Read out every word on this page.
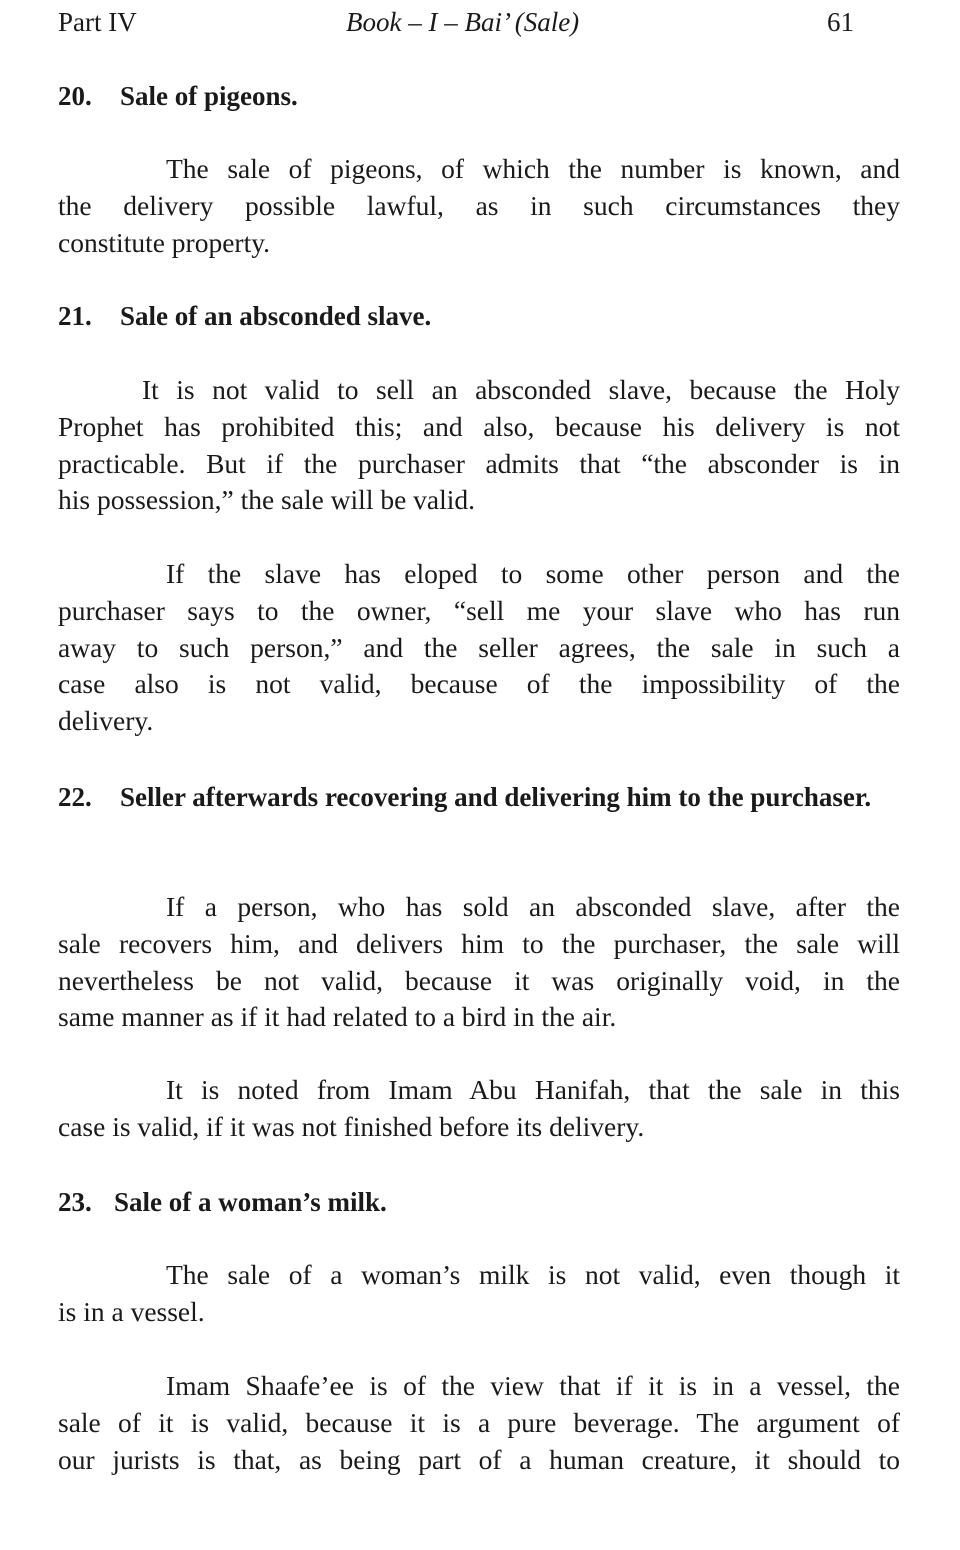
Part IV	Book – I – Bai’ (Sale)	61
20. Sale of pigeons.
The sale of pigeons, of which the number is known, and
the delivery possible lawful, as in such circumstances they
constitute property.
21. Sale of an absconded slave.
It is not valid to sell an absconded slave, because the Holy
Prophet has prohibited this; and also, because his delivery is not
practicable. But if the purchaser admits that “the absconder is in
his possession,” the sale will be valid.
If the slave has eloped to some other person and the
purchaser says to the owner, “sell me your slave who has run
away to such person,” and the seller agrees, the sale in such a
case also is not valid, because of the impossibility of the
delivery.
22. Seller afterwards recovering and delivering him to the purchaser.
If a person, who has sold an absconded slave, after the
sale recovers him, and delivers him to the purchaser, the sale will
nevertheless be not valid, because it was originally void, in the
same manner as if it had related to a bird in the air.
It is noted from Imam Abu Hanifah, that the sale in this
case is valid, if it was not finished before its delivery.
23. Sale of a woman’s milk.
The sale of a woman’s milk is not valid, even though it
is in a vessel.
Imam Shaafe’ee is of the view that if it is in a vessel, the
sale of it is valid, because it is a pure beverage. The argument of
our jurists is that, as being part of a human creature, it should to
